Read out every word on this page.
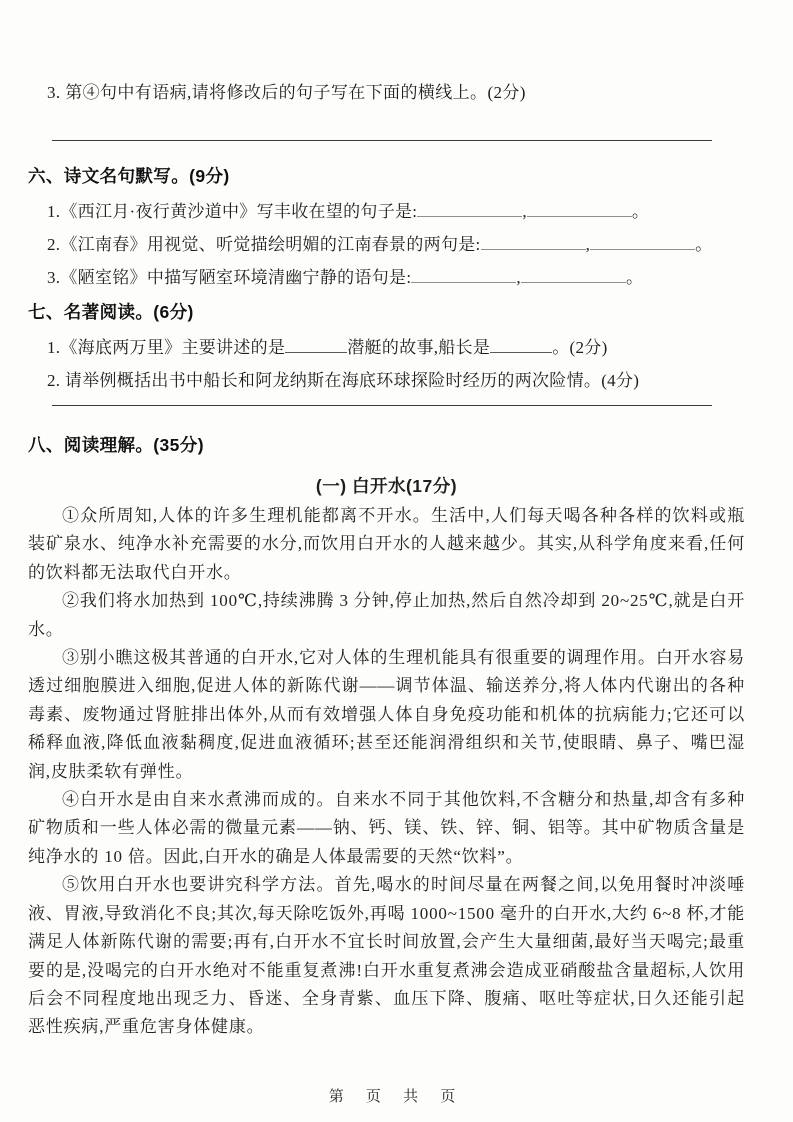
3. 第④句中有语病,请将修改后的句子写在下面的横线上。(2分)
六、诗文名句默写。(9分)
1.《西江月·夜行黄沙道中》写丰收在望的句子是:	,	。
2.《江南春》用视觉、听觉描绘明媚的江南春景的两句是:	,	。
3.《陋室铭》中描写陋室环境清幽宁静的语句是:	,	。
七、名著阅读。(6分)
1.《海底两万里》主要讲述的是	潜艇的故事,船长是	。(2分)
2. 请举例概括出书中船长和阿龙纳斯在海底环球探险时经历的两次险情。(4分)
八、阅读理解。(35分)
(一) 白开水(17分)

①众所周知,人体的许多生理机能都离不开水。生活中,人们每天喝各种各样的饮料或瓶装矿泉水、纯净水补充需要的水分,而饮用白开水的人越来越少。其实,从科学角度来看,任何的饮料都无法取代白开水。

②我们将水加热到 100℃,持续沸腾 3 分钟,停止加热,然后自然冷却到 20~25℃,就是白开水。

③别小瞧这极其普通的白开水,它对人体的生理机能具有很重要的调理作用。白开水容易透过细胞膜进入细胞,促进人体的新陈代谢——调节体温、输送养分,将人体内代谢出的各种毒素、废物通过肾脏排出体外,从而有效增强人体自身免疫功能和机体的抗病能力;它还可以稀释血液,降低血液黏稠度,促进血液循环;甚至还能润滑组织和关节,使眼睛、鼻子、嘴巴湿润,皮肤柔软有弹性。

④白开水是由自来水煮沸而成的。自来水不同于其他饮料,不含糖分和热量,却含有多种矿物质和一些人体必需的微量元素——钠、钙、镁、铁、锌、铜、铝等。其中矿物质含量是纯净水的 10 倍。因此,白开水的确是人体最需要的天然“饮料”。

⑤饮用白开水也要讲究科学方法。首先,喝水的时间尽量在两餐之间,以免用餐时冲淡唾液、胃液,导致消化不良;其次,每天除吃饭外,再喝 1000~1500 毫升的白开水,大约 6~8 杯,才能满足人体新陈代谢的需要;再有,白开水不宜长时间放置,会产生大量细菌,最好当天喝完;最重要的是,没喝完的白开水绝对不能重复煮沸!白开水重复煮沸会造成亚硝酸盐含量超标,人饮用后会不同程度地出现乏力、昏迷、全身青紫、血压下降、腹痛、呕吐等症状,日久还能引起恶性疾病,严重危害身体健康。

第 页 共 页
